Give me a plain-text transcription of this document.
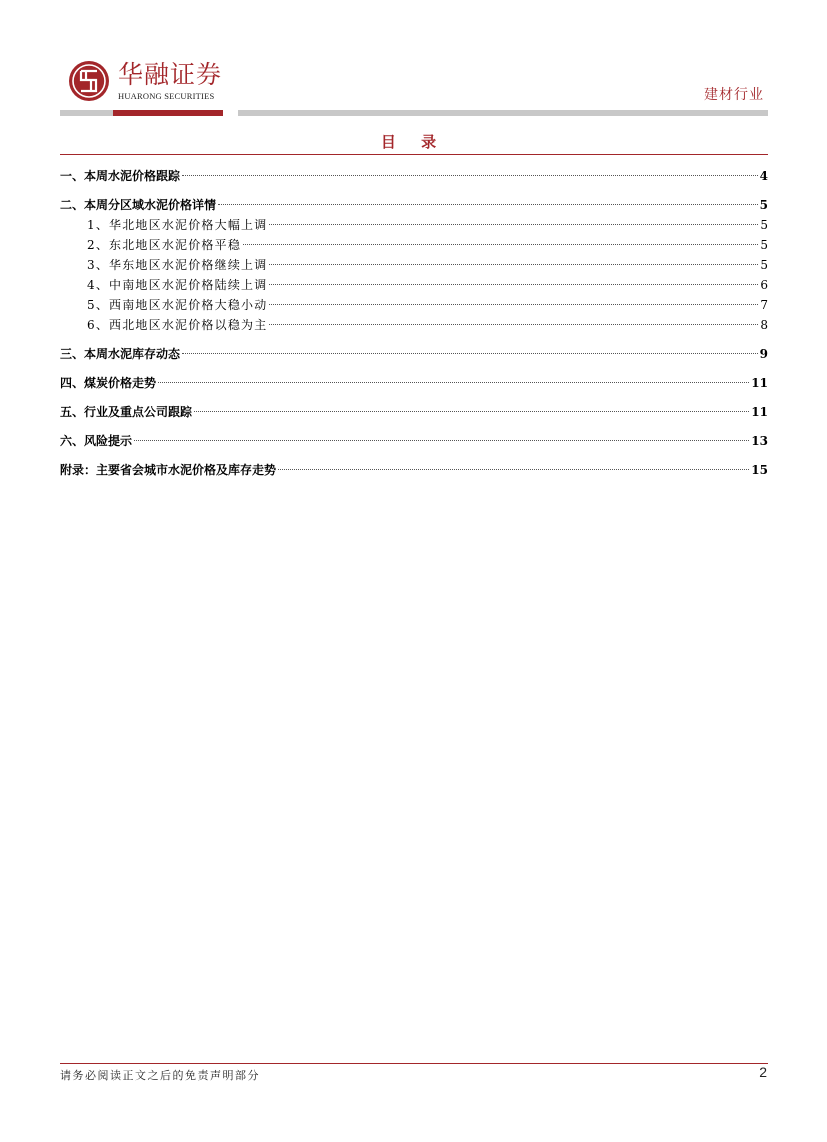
华融证券
HUARONG SECURITIES	建材行业
目 录
一、本周水泥价格跟踪	4
二、本周分区域水泥价格详情	5
1、华北地区水泥价格大幅上调	5
2、东北地区水泥价格平稳	5
3、华东地区水泥价格继续上调	5
4、中南地区水泥价格陆续上调	6
5、西南地区水泥价格大稳小动	7
6、西北地区水泥价格以稳为主	8
三、本周水泥库存动态	9
四、煤炭价格走势	11
五、行业及重点公司跟踪	11
六、风险提示	13
附录：主要省会城市水泥价格及库存走势	15
请务必阅读正文之后的免责声明部分	2
